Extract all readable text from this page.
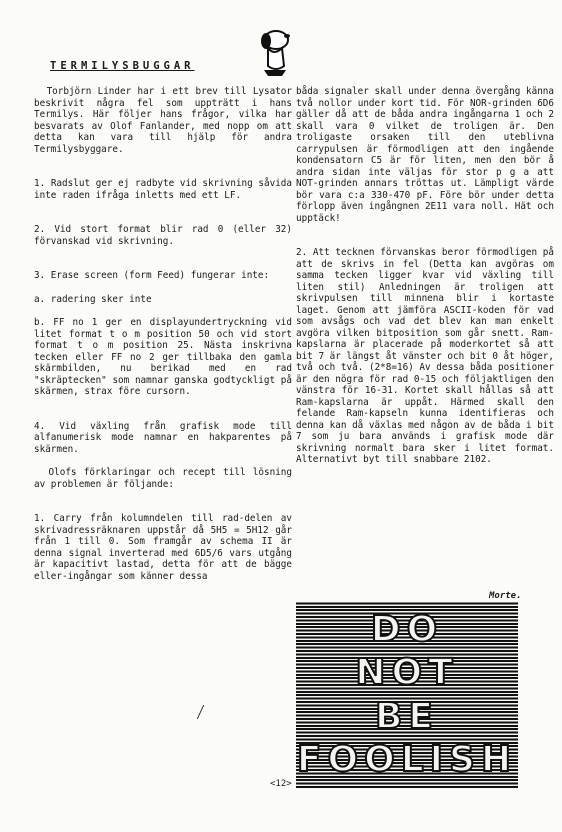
TERMILYSBUGGAR

Torbjörn Linder har i ett brev till Lysator beskrivit några fel som uppträtt i hans Termilys. Här följer hans frågor, vilka har besvarats av Olof Fanlander, med nopp om att detta kan vara till hjälp för andra Termilysbyggare.

1. Radslut ger ej radbyte vid skrivning såvida inte raden ifråga inletts med ett LF.

2. Vid stort format blir rad 0 (eller 32) förvanskad vid skrivning.

3. Erase screen (form Feed) fungerar inte:

a. radering sker inte

b. FF no 1 ger en displayundertryckning vid litet format t o m position 50 och vid stort format t o m position 25. Nästa inskrivna tecken eller FF no 2 ger tillbaka den gamla skärmbilden, nu berikad med en rad "skräptecken" som namnar ganska godtyckligt på skärmen, strax före cursorn.

4. Vid växling från grafisk mode till alfanumerisk mode namnar en hakparentes på skärmen.

Olofs förklaringar och recept till lösning av problemen är följande:

1. Carry från kolumndelen till rad-delen av skrivadressräknaren uppstår då 5H5 = 5H12 går från 1 till 0. Som framgår av schema II är denna signal inverterad med 6D5/6 vars utgång är kapacitivt lastad, detta för att de bägge eller-ingångar som känner dessa

båda signaler skall under denna övergång känna två nollor under kort tid. För NOR-grinden 6D6 gäller då att de båda andra ingångarna 1 och 2 skall vara 0 vilket de troligen är. Den troligaste orsaken till den uteblivna carrypulsen är förmodligen att den ingående kondensatorn C5 är för liten, men den bör å andra sidan inte väljas för stor p g a att NOT-grinden annars tröttas ut. Lämpligt värde bör vara c:a 330-470 pF. Före bör under detta förlopp även ingångnen 2E11 vara noll. Hät och upptäck!

2. Att tecknen förvanskas beror förmodligen på att de skrivs in fel (Detta kan avgöras om samma tecken ligger kvar vid växling till liten stil) Anledningen är troligen att skrivpulsen till minnena blir i kortaste laget. Genom att jämföra ASCII-koden för vad som avsågs och vad det blev kan man enkelt avgöra vilken bitposition som går snett. Ram-kapslarna är placerade på moderkortet så att bit 7 är längst åt vänster och bit 0 åt höger, två och två. (2*8=16) Av dessa båda positioner är den nögra för rad 0-15 och följaktligen den vänstra för 16-31. Kortet skall hållas så att Ram-kapslarna är uppåt. Härmed skall den felande Ram-kapseln kunna identifieras och denna kan då växlas med någon av de båda i bit 7 som ju bara används i grafisk mode där skrivning normalt bara sker i litet format. Alternativt byt till snabbare 2102.

Morte.
DO
NOT
BE
FOOLISH
<12>
